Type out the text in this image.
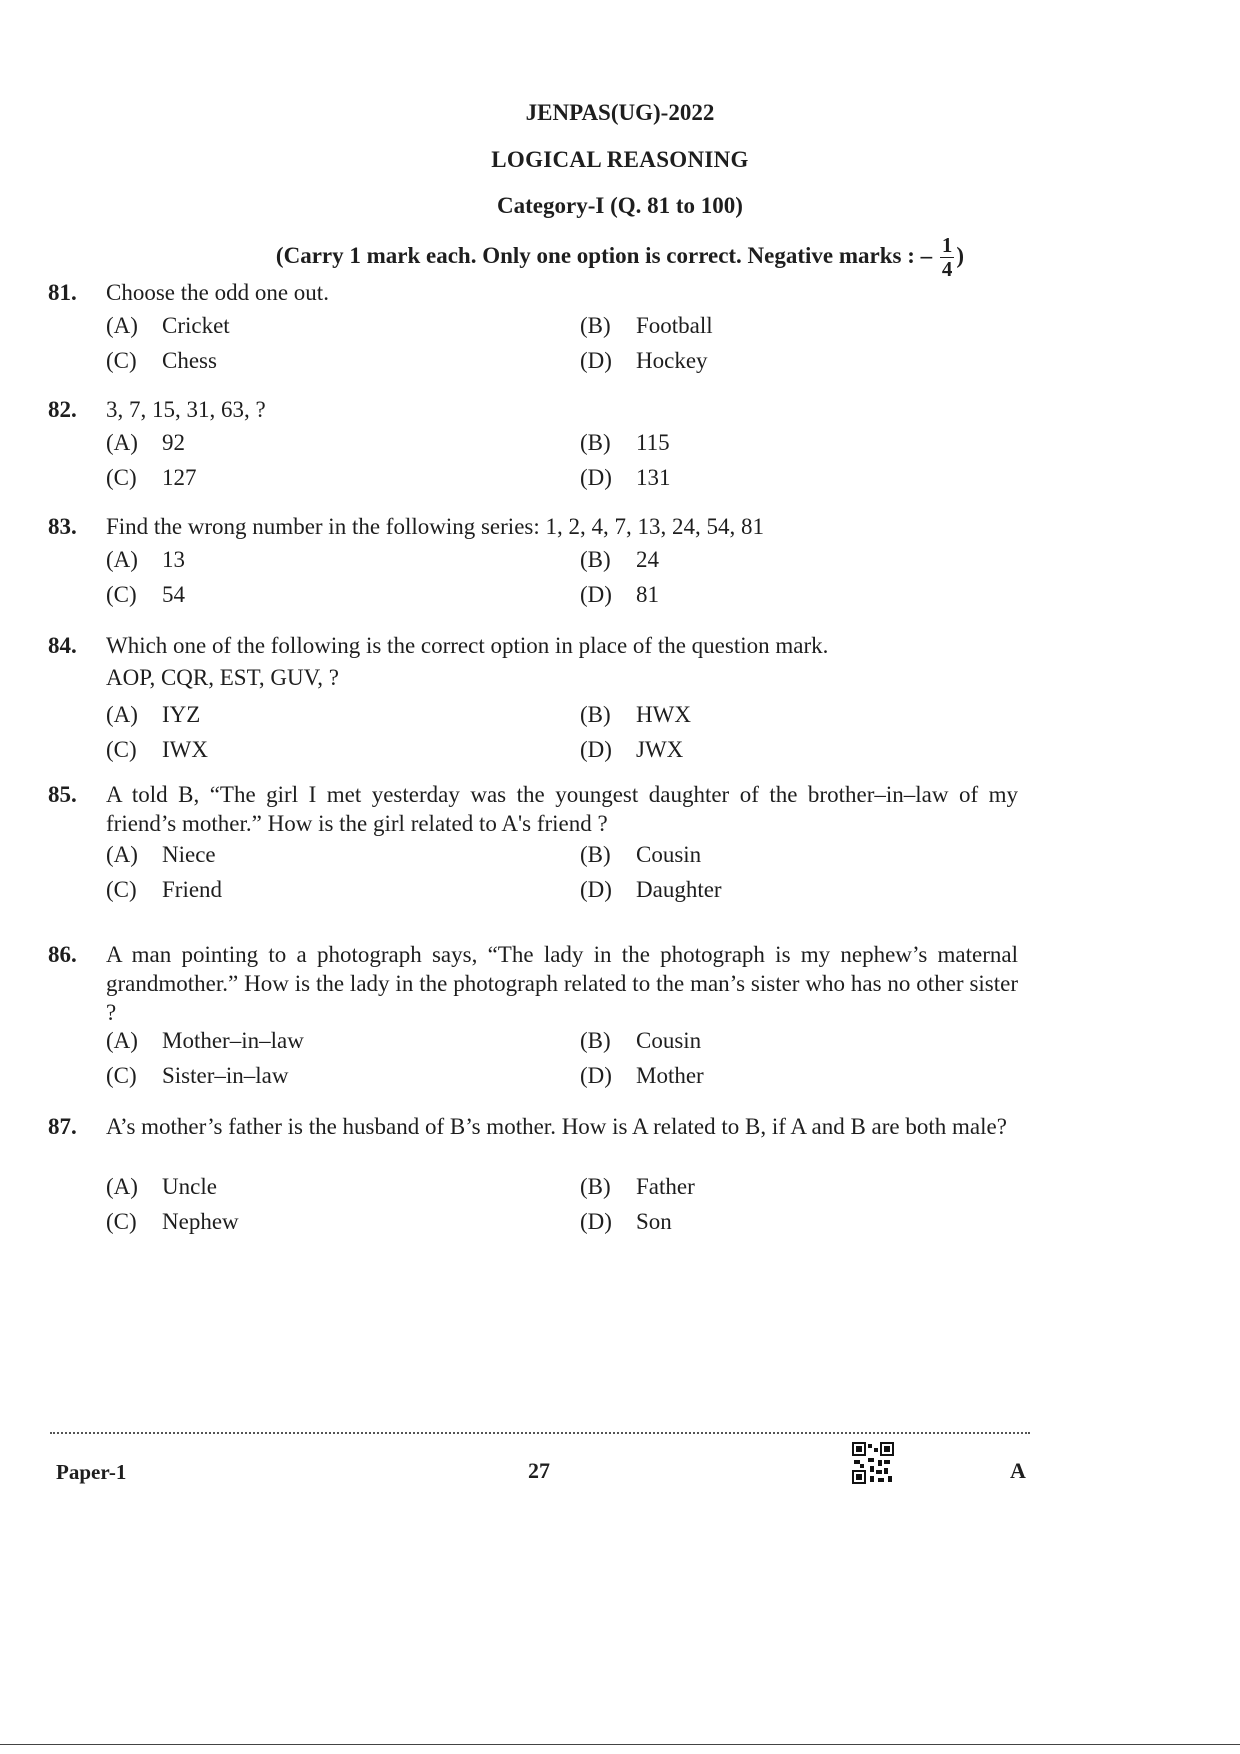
JENPAS(UG)-2022
LOGICAL REASONING
Category-I (Q. 81 to 100)
(Carry 1 mark each. Only one option is correct. Negative marks : – $\frac{1}{4}$ )
81. Choose the odd one out.
(A) Cricket	(B) Football
(C) Chess	(D) Hockey
82. 3, 7, 15, 31, 63, ?
(A) 92	(B) 115
(C) 127	(D) 131
83. Find the wrong number in the following series: 1, 2, 4, 7, 13, 24, 54, 81
(A) 13	(B) 24
(C) 54	(D) 81
84. Which one of the following is the correct option in place of the question mark.
AOP, CQR, EST, GUV, ?
(A) IYZ	(B) HWX
(C) IWX	(D) JWX
85. A told B, “The girl I met yesterday was the youngest daughter of the brother–in–law of my friend’s mother.” How is the girl related to A's friend ?
(A) Niece	(B) Cousin
(C) Friend	(D) Daughter
86. A man pointing to a photograph says, “The lady in the photograph is my nephew’s maternal grandmother.” How is the lady in the photograph related to the man’s sister who has no other sister ?
(A) Mother–in–law	(B) Cousin
(C) Sister–in–law	(D) Mother
87. A’s mother’s father is the husband of B’s mother. How is A related to B, if A and B are both male?
(A) Uncle	(B) Father
(C) Nephew	(D) Son
Paper-1	27	A
